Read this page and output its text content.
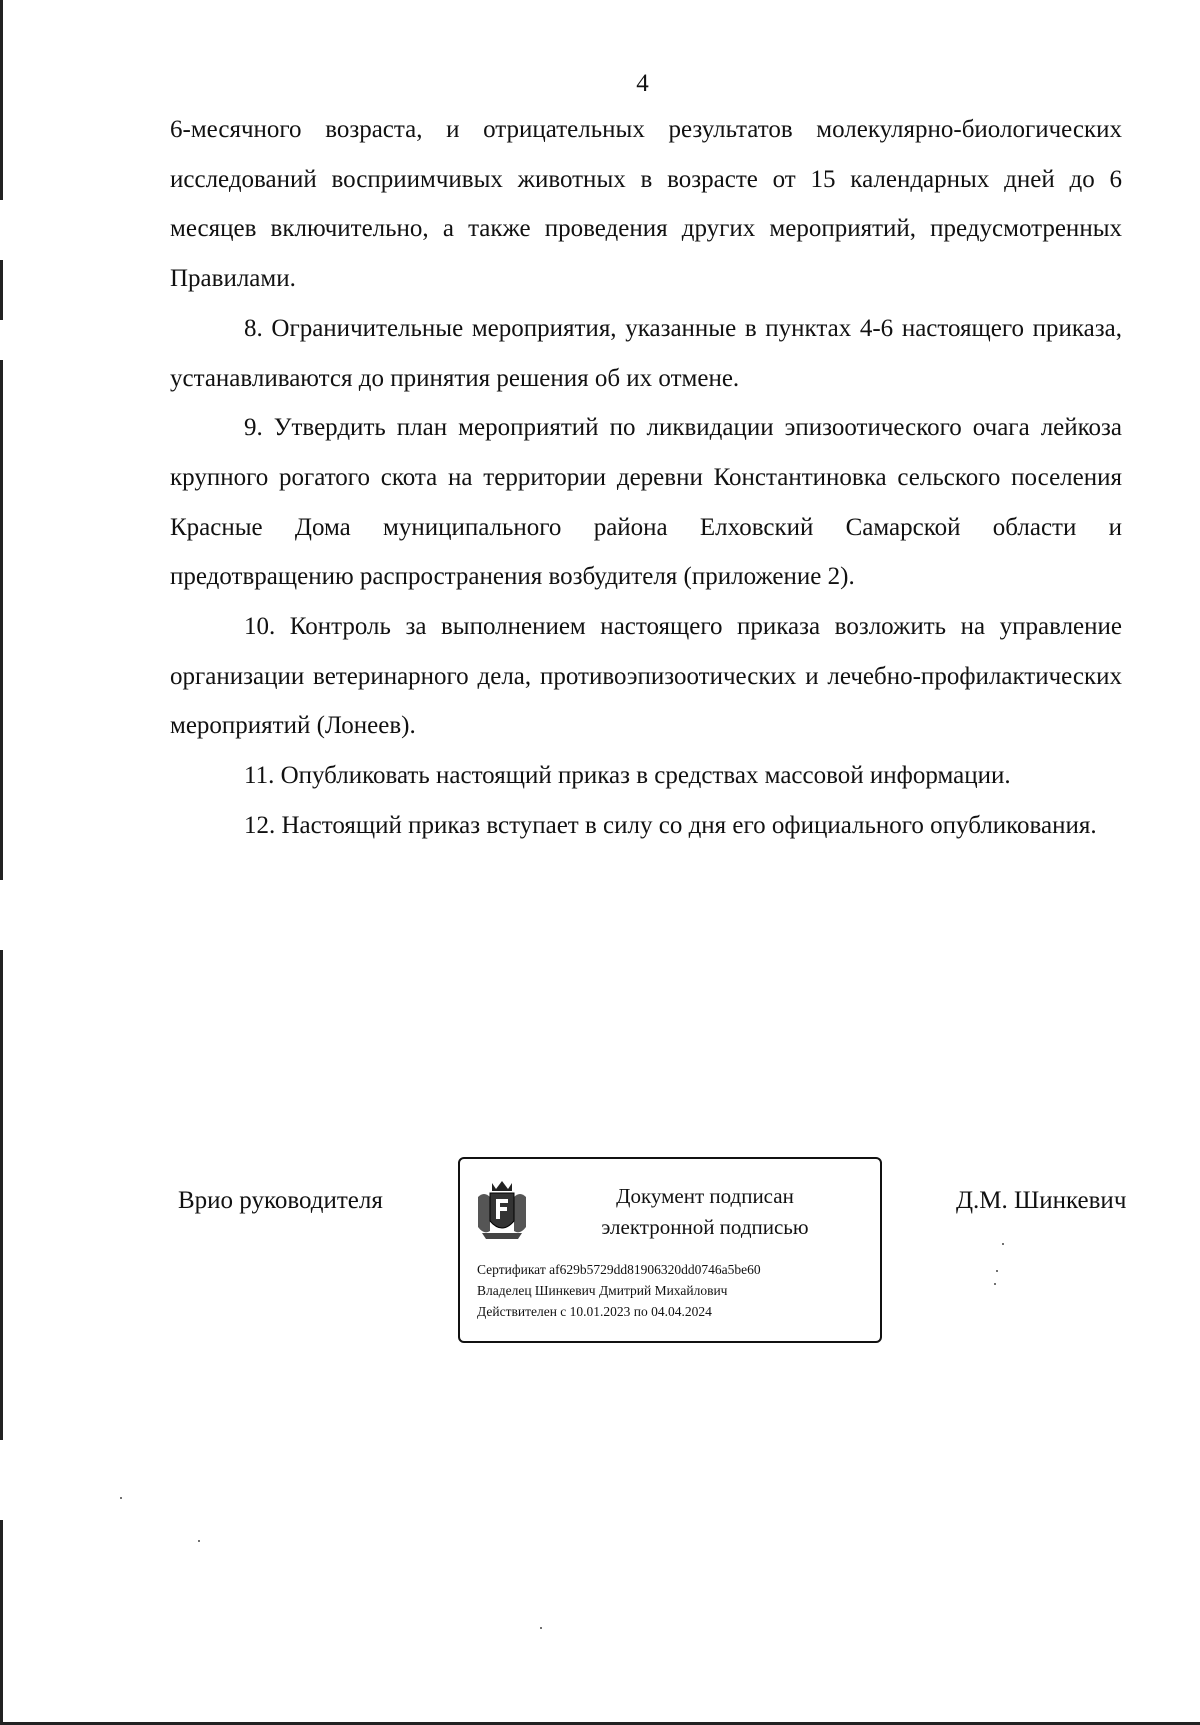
4

6-месячного возраста, и отрицательных результатов молекулярно-биологических исследований восприимчивых животных в возрасте от 15 календарных дней до 6 месяцев включительно, а также проведения других мероприятий, предусмотренных Правилами.

8. Ограничительные мероприятия, указанные в пунктах 4-6 настоящего приказа, устанавливаются до принятия решения об их отмене.

9. Утвердить план мероприятий по ликвидации эпизоотического очага лейкоза крупного рогатого скота на территории деревни Константиновка сельского поселения Красные Дома муниципального района Елховский Самарской области и предотвращению распространения возбудителя (приложение 2).

10. Контроль за выполнением настоящего приказа возложить на управление организации ветеринарного дела, противоэпизоотических и лечебно-профилактических мероприятий (Лонеев).

11. Опубликовать настоящий приказ в средствах массовой информации.

12. Настоящий приказ вступает в силу со дня его официального опубликования.

Врио руководителя	Документ подписан
электронной подписью
Сертификат af629b5729dd81906320dd0746a5be60
Владелец Шинкевич Дмитрий Михайлович
Действителен с 10.01.2023 по 04.04.2024
Д.М. Шинкевич
